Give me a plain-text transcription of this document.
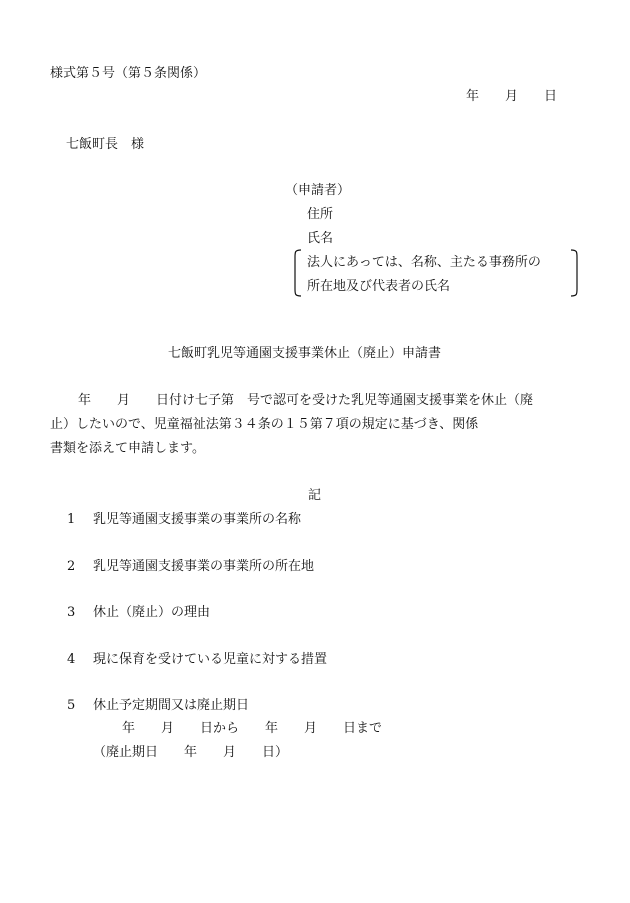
様式第５号（第５条関係）
年　　月　　日
七飯町長　様
（申請者）
住所
氏名
法人にあっては、名称、主たる事務所の
所在地及び代表者の氏名
七飯町乳児等通園支援事業休止（廃止）申請書
年　　月　　日付け七子第　号で認可を受けた乳児等通園支援事業を休止（廃
止）したいので、児童福祉法第３４条の１５第７項の規定に基づき、関係
書類を添えて申請します。
記
1 乳児等通園支援事業の事業所の名称
2 乳児等通園支援事業の事業所の所在地
3 休止（廃止）の理由
4 現に保育を受けている児童に対する措置
5 休止予定期間又は廃止期日
年　　月　　日から　　年　　月　　日まで
（廃止期日　　年　　月　　日）
